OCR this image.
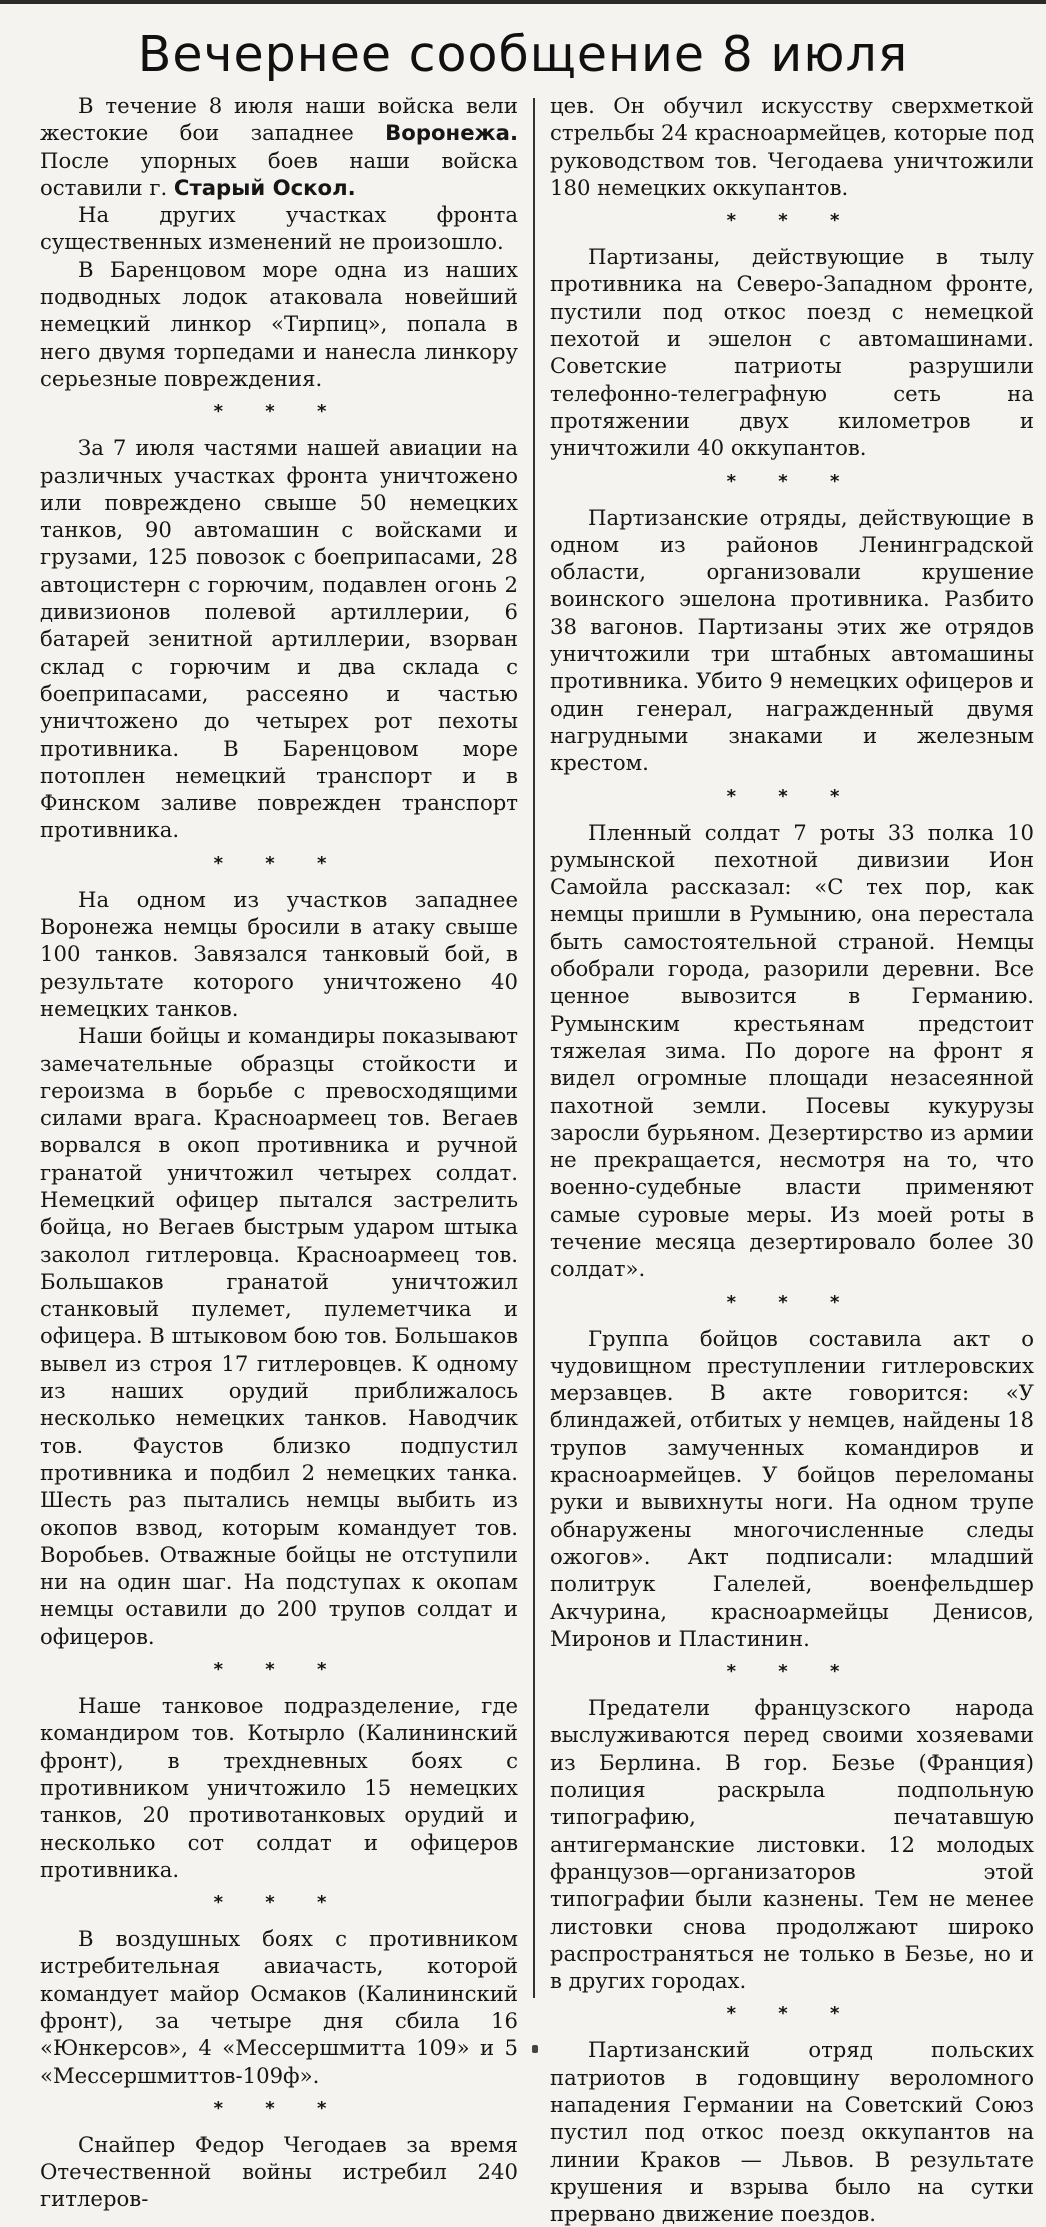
Вечернее сообщение 8 июля

В течение 8 июля наши войска вели жестокие бои западнее Воронежа. После упорных боев наши войска оставили г. Старый Оскол.

На других участках фронта существенных изменений не произошло.

В Баренцовом море одна из наших подводных лодок атаковала новейший немецкий линкор «Тирпиц», попала в него двумя торпедами и нанесла линкору серьезные повреждения.

* * *

За 7 июля частями нашей авиации на различных участках фронта уничтожено или повреждено свыше 50 немецких танков, 90 автомашин с войсками и грузами, 125 повозок с боеприпасами, 28 автоцистерн с горючим, подавлен огонь 2 дивизионов полевой артиллерии, 6 батарей зенитной артиллерии, взорван склад с горючим и два склада с боеприпасами, рассеяно и частью уничтожено до четырех рот пехоты противника. В Баренцовом море потоплен немецкий транспорт и в Финском заливе поврежден транспорт противника.

* * *

На одном из участков западнее Воронежа немцы бросили в атаку свыше 100 танков. Завязался танковый бой, в результате которого уничтожено 40 немецких танков.

Наши бойцы и командиры показывают замечательные образцы стойкости и героизма в борьбе с превосходящими силами врага. Красноармеец тов. Вегаев ворвался в окоп противника и ручной гранатой уничтожил четырех солдат. Немецкий офицер пытался застрелить бойца, но Вегаев быстрым ударом штыка заколол гитлеровца. Красноармеец тов. Большаков гранатой уничтожил станковый пулемет, пулеметчика и офицера. В штыковом бою тов. Большаков вывел из строя 17 гитлеровцев. К одному из наших орудий приближалось несколько немецких танков. Наводчик тов. Фаустов близко подпустил противника и подбил 2 немецких танка. Шесть раз пытались немцы выбить из окопов взвод, которым командует тов. Воробьев. Отважные бойцы не отступили ни на один шаг. На подступах к окопам немцы оставили до 200 трупов солдат и офицеров.

* * *

Наше танковое подразделение, где командиром тов. Котырло (Калининский фронт), в трехдневных боях с противником уничтожило 15 немецких танков, 20 противотанковых орудий и несколько сот солдат и офицеров противника.

* * *

В воздушных боях с противником истребительная авиачасть, которой командует майор Осмаков (Калининский фронт), за четыре дня сбила 16 «Юнкерсов», 4 «Мессершмитта 109» и 5 «Мессершмиттов-109ф».

* * *

Снайпер Федор Чегодаев за время Отечественной войны истребил 240 гитлеров-

цев. Он обучил искусству сверхметкой стрельбы 24 красноармейцев, которые под руководством тов. Чегодаева уничтожили 180 немецких оккупантов.

* * *

Партизаны, действующие в тылу противника на Северо-Западном фронте, пустили под откос поезд с немецкой пехотой и эшелон с автомашинами. Советские патриоты разрушили телефонно-телеграфную сеть на протяжении двух километров и уничтожили 40 оккупантов.

* * *

Партизанские отряды, действующие в одном из районов Ленинградской области, организовали крушение воинского эшелона противника. Разбито 38 вагонов. Партизаны этих же отрядов уничтожили три штабных автомашины противника. Убито 9 немецких офицеров и один генерал, награжденный двумя нагрудными знаками и железным крестом.

* * *

Пленный солдат 7 роты 33 полка 10 румынской пехотной дивизии Ион Самойла рассказал: «С тех пор, как немцы пришли в Румынию, она перестала быть самостоятельной страной. Немцы обобрали города, разорили деревни. Все ценное вывозится в Германию. Румынским крестьянам предстоит тяжелая зима. По дороге на фронт я видел огромные площади незасеянной пахотной земли. Посевы кукурузы заросли бурьяном. Дезертирство из армии не прекращается, несмотря на то, что военно-судебные власти применяют самые суровые меры. Из моей роты в течение месяца дезертировало более 30 солдат».

* * *

Группа бойцов составила акт о чудовищном преступлении гитлеровских мерзавцев. В акте говорится: «У блиндажей, отбитых у немцев, найдены 18 трупов замученных командиров и красноармейцев. У бойцов переломаны руки и вывихнуты ноги. На одном трупе обнаружены многочисленные следы ожогов». Акт подписали: младший политрук Галелей, военфельдшер Акчурина, красноармейцы Денисов, Миронов и Пластинин.

* * *

Предатели французского народа выслуживаются перед своими хозяевами из Берлина. В гор. Безье (Франция) полиция раскрыла подпольную типографию, печатавшую антигерманские листовки. 12 молодых французов—организаторов этой типографии были казнены. Тем не менее листовки снова продолжают широко распространяться не только в Безье, но и в других городах.

* * *

Партизанский отряд польских патриотов в годовщину вероломного нападения Германии на Советский Союз пустил под откос поезд оккупантов на линии Краков — Львов. В результате крушения и взрыва было на сутки прервано движение поездов.
